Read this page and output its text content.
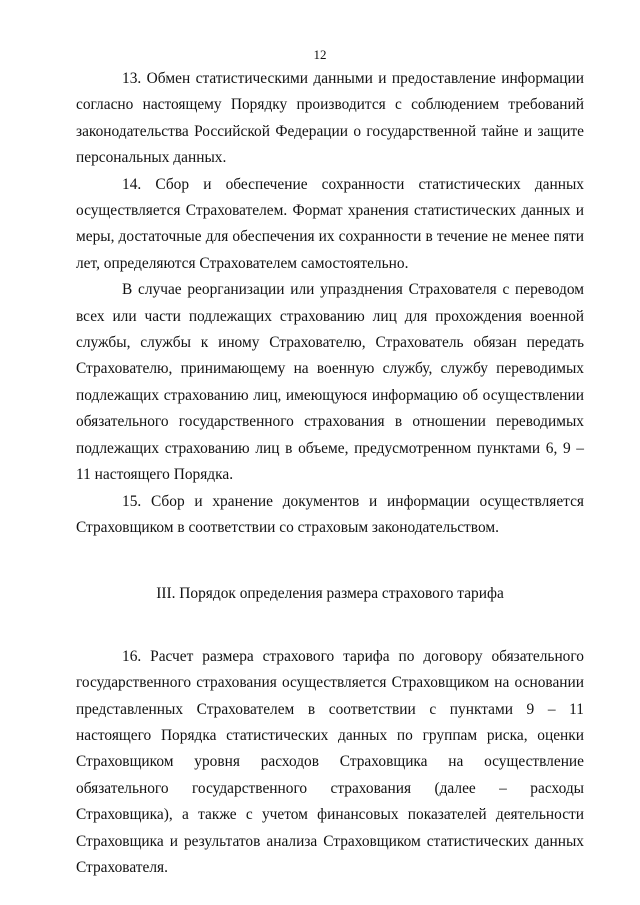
12

13. Обмен статистическими данными и предоставление информации согласно настоящему Порядку производится с соблюдением требований законодательства Российской Федерации о государственной тайне и защите персональных данных.

14. Сбор и обеспечение сохранности статистических данных осуществляется Страхователем. Формат хранения статистических данных и меры, достаточные для обеспечения их сохранности в течение не менее пяти лет, определяются Страхователем самостоятельно.

В случае реорганизации или упразднения Страхователя с переводом всех или части подлежащих страхованию лиц для прохождения военной службы, службы к иному Страхователю, Страхователь обязан передать Страхователю, принимающему на военную службу, службу переводимых подлежащих страхованию лиц, имеющуюся информацию об осуществлении обязательного государственного страхования в отношении переводимых подлежащих страхованию лиц в объеме, предусмотренном пунктами 6, 9 – 11 настоящего Порядка.

15. Сбор и хранение документов и информации осуществляется Страховщиком в соответствии со страховым законодательством.

III. Порядок определения размера страхового тарифа

16. Расчет размера страхового тарифа по договору обязательного государственного страхования осуществляется Страховщиком на основании представленных Страхователем в соответствии с пунктами 9 – 11 настоящего Порядка статистических данных по группам риска, оценки Страховщиком уровня расходов Страховщика на осуществление обязательного государственного страхования (далее – расходы Страховщика), а также с учетом финансовых показателей деятельности Страховщика и результатов анализа Страховщиком статистических данных Страхователя.
